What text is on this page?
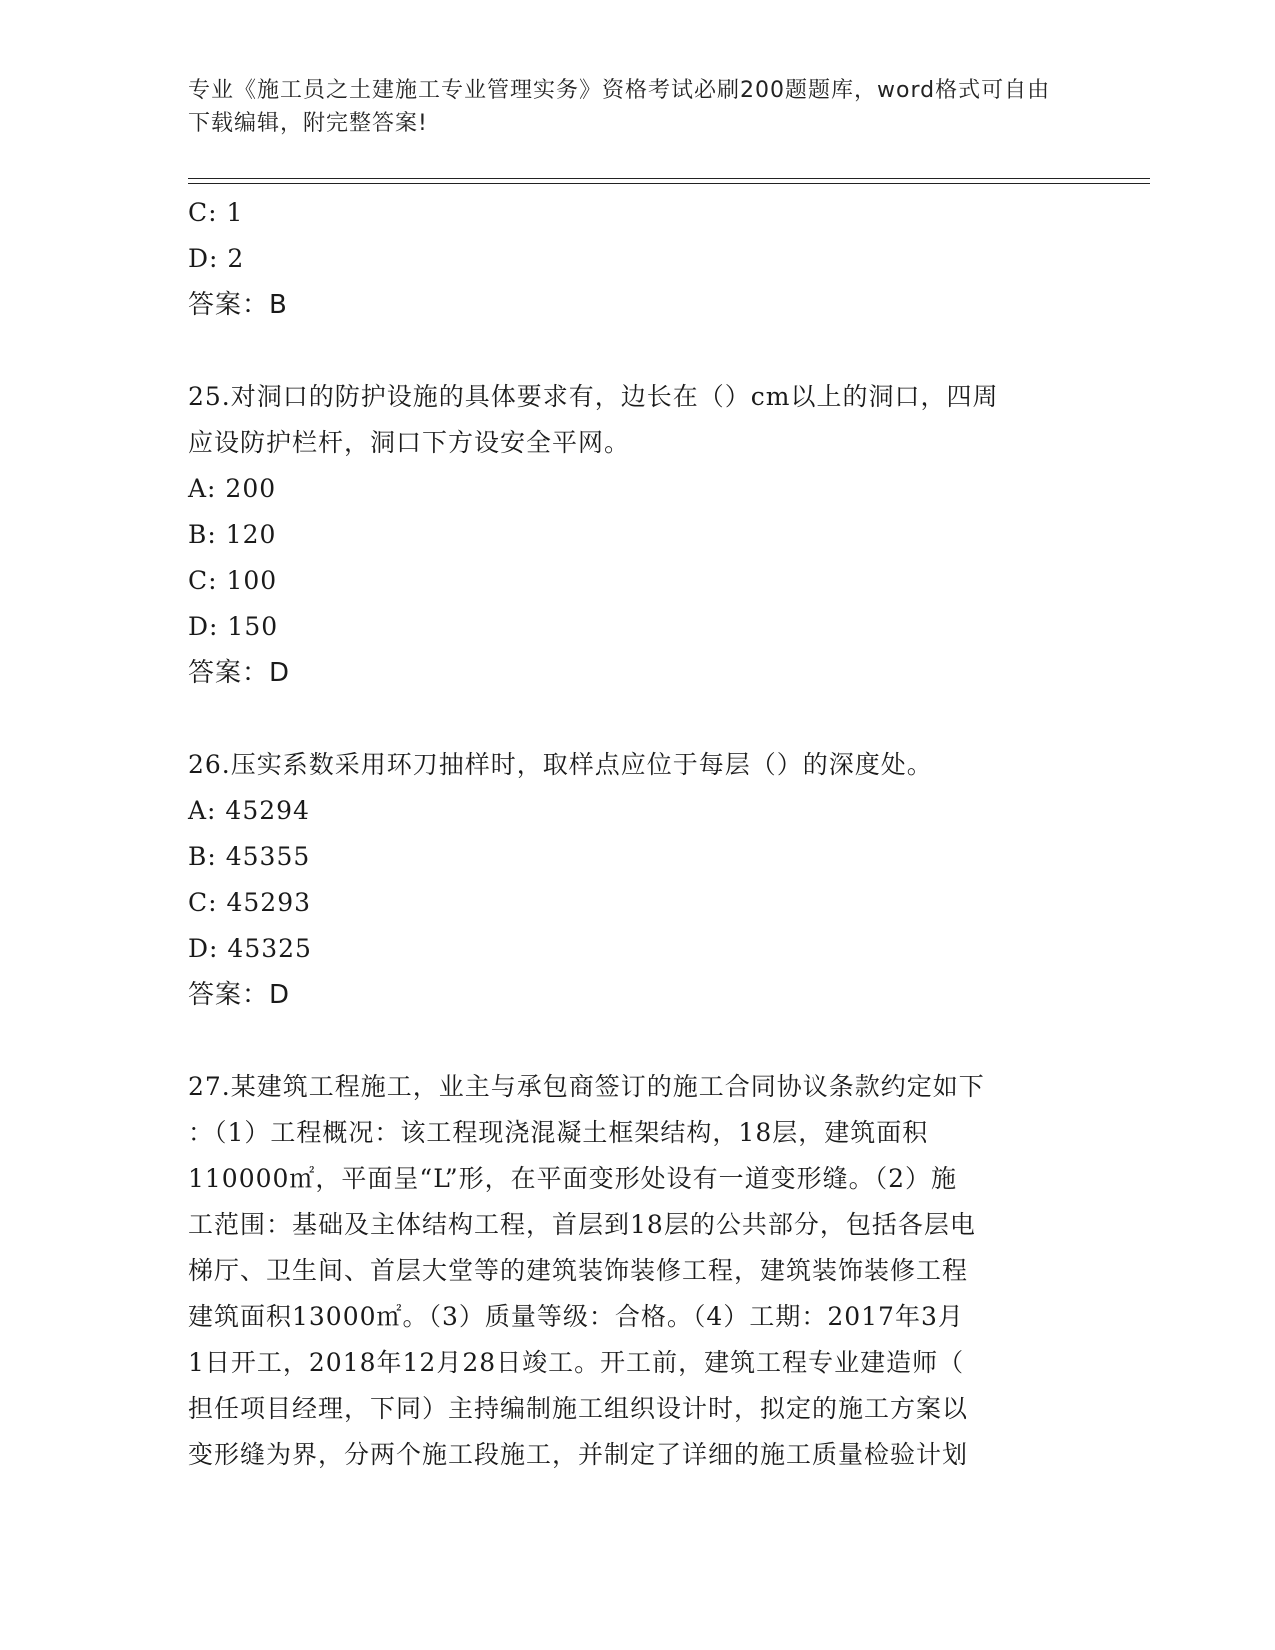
专业《施工员之土建施工专业管理实务》资格考试必刷200题题库，word格式可自由下载编辑，附完整答案!
C: 1
D: 2
答案：B
25.对洞口的防护设施的具体要求有，边长在（）cm以上的洞口，四周
应设防护栏杆，洞口下方设安全平网。
A: 200
B: 120
C: 100
D: 150
答案：D
26.压实系数采用环刀抽样时，取样点应位于每层（）的深度处。
A: 45294
B: 45355
C: 45293
D: 45325
答案：D
27.某建筑工程施工，业主与承包商签订的施工合同协议条款约定如下
：（1）工程概况：该工程现浇混凝土框架结构，18层，建筑面积
110000㎡，平面呈“L”形，在平面变形处设有一道变形缝。（2）施
工范围：基础及主体结构工程，首层到18层的公共部分，包括各层电
梯厅、卫生间、首层大堂等的建筑装饰装修工程，建筑装饰装修工程
建筑面积13000㎡。（3）质量等级：合格。（4）工期：2017年3月
1日开工，2018年12月28日竣工。开工前，建筑工程专业建造师（
担任项目经理，下同）主持编制施工组织设计时，拟定的施工方案以
变形缝为界，分两个施工段施工，并制定了详细的施工质量检验计划
